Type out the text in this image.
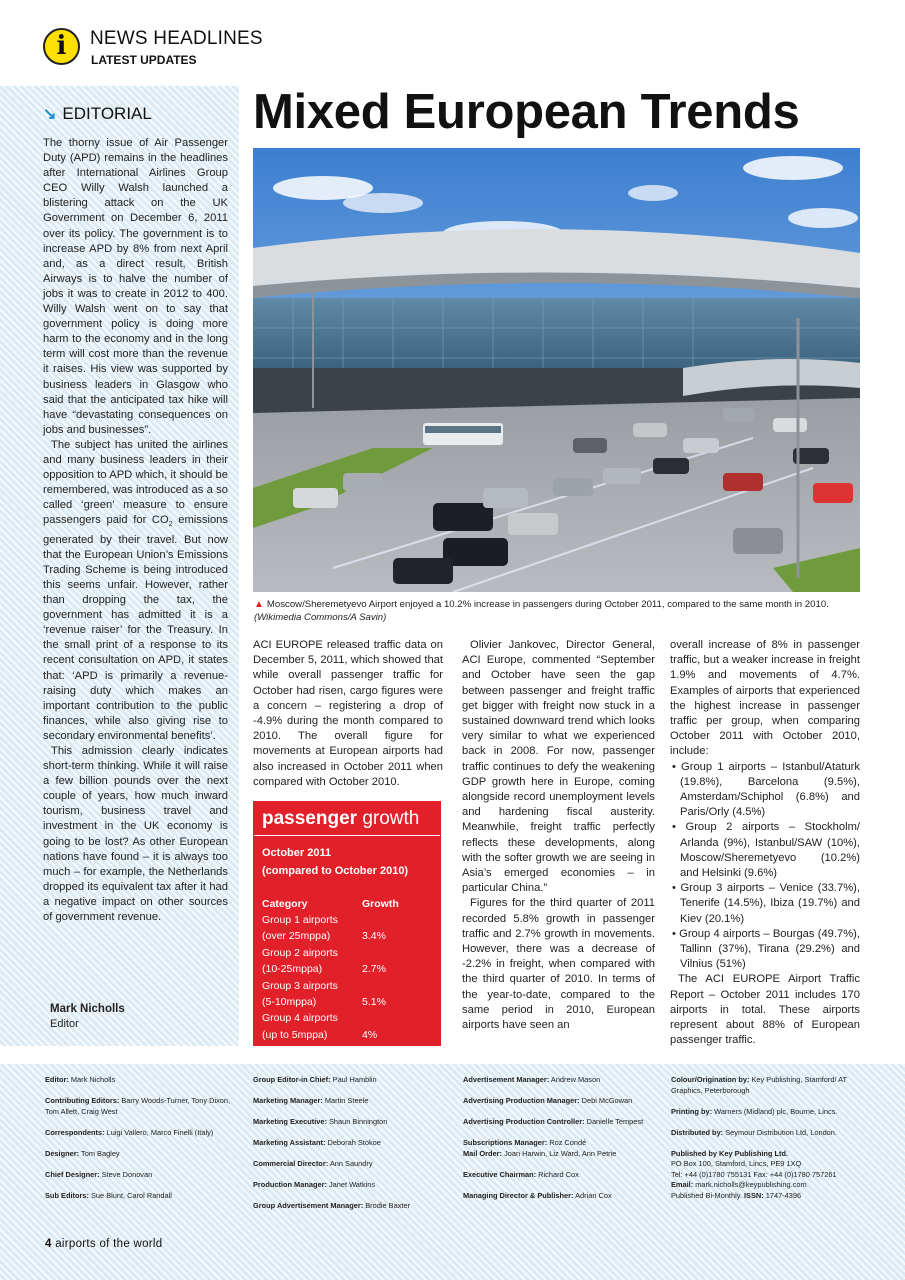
i	NEWS HEADLINES
LATEST UPDATES
↘ EDITORIAL

The thorny issue of Air Passenger Duty (APD) remains in the headlines after International Airlines Group CEO Willy Walsh launched a blistering attack on the UK Government on December 6, 2011 over its policy. The government is to increase APD by 8% from next April and, as a direct result, British Airways is to halve the number of jobs it was to create in 2012 to 400. Willy Walsh went on to say that government policy is doing more harm to the economy and in the long term will cost more than the revenue it raises. His view was supported by business leaders in Glasgow who said that the anticipated tax hike will have “devastating consequences on jobs and businesses”.

The subject has united the airlines and many business leaders in their opposition to APD which, it should be remembered, was introduced as a so called ‘green’ measure to ensure passengers paid for $CO_2$ emissions generated by their travel. But now that the European Union’s Emissions Trading Scheme is being introduced this seems unfair. However, rather than dropping the tax, the government has admitted it is a ‘revenue raiser’ for the Treasury. In the small print of a response to its recent consultation on APD, it states that: ‘APD is primarily a revenue-raising duty which makes an important contribution to the public finances, while also giving rise to secondary environmental benefits’.

This admission clearly indicates short-term thinking. While it will raise a few billion pounds over the next couple of years, how much inward tourism, business travel and investment in the UK economy is going to be lost? As other European nations have found – it is always too much – for example, the Netherlands dropped its equivalent tax after it had a negative impact on other sources of government revenue.

Mark Nicholls
Editor
Mixed European Trends
▲ Moscow/Sheremetyevo Airport enjoyed a 10.2% increase in passengers during October 2011, compared to the same month in 2010.
(Wikimedia Commons/A Savin)

ACI EUROPE released traffic data on December 5, 2011, which showed that while overall passenger traffic for October had risen, cargo figures were a concern – registering a drop of -4.9% during the month compared to 2010. The overall figure for movements at European airports had also increased in October 2011 when compared with October 2010.

passenger growth
October 2011
(compared to October 2010)
Category	Growth
Group 1 airports
(over 25mppa)	3.4%
Group 2 airports
(10-25mppa)	2.7%
Group 3 airports
(5-10mppa)	5.1%
Group 4 airports
(up to 5mppa)	4%

Olivier Jankovec, Director General, ACI Europe, commented “September and October have seen the gap between passenger and freight traffic get bigger with freight now stuck in a sustained downward trend which looks very similar to what we experienced back in 2008. For now, passenger traffic continues to defy the weakening GDP growth here in Europe, coming alongside record unemployment levels and hardening fiscal austerity. Meanwhile, freight traffic perfectly reflects these developments, along with the softer growth we are seeing in Asia’s emerged economies – in particular China.”

Figures for the third quarter of 2011 recorded 5.8% growth in passenger traffic and 2.7% growth in movements. However, there was a decrease of -2.2% in freight, when compared with the third quarter of 2010. In terms of the year-to-date, compared to the same period in 2010, European airports have seen an

overall increase of 8% in passenger traffic, but a weaker increase in freight 1.9% and movements of 4.7%. Examples of airports that experienced the highest increase in passenger traffic per group, when comparing October 2011 with October 2010, include:

• Group 1 airports – Istanbul/Ataturk (19.8%), Barcelona (9.5%), Amsterdam/Schiphol (6.8%) and Paris/Orly (4.5%)
• Group 2 airports – Stockholm/ Arlanda (9%), Istanbul/SAW (10%), Moscow/Sheremetyevo (10.2%) and Helsinki (9.6%)
• Group 3 airports – Venice (33.7%), Tenerife (14.5%), Ibiza (19.7%) and Kiev (20.1%)
• Group 4 airports – Bourgas (49.7%), Tallinn (37%), Tirana (29.2%) and Vilnius (51%)

The ACI EUROPE Airport Traffic Report – October 2011 includes 170 airports in total. These airports represent about 88% of European passenger traffic.

Editor: Mark Nicholls
Contributing Editors: Barry Woods-Turner, Tony Dixon, Tom Allett, Craig West
Correspondents: Luigi Vallero, Marco Finelli (Italy)
Designer: Tom Bagley
Chief Designer: Steve Donovan
Sub Editors: Sue Blunt, Carol Randall
Group Editor-in Chief: Paul Hamblin
Marketing Manager: Martin Steele
Marketing Executive: Shaun Binnington
Marketing Assistant: Deborah Stokoe
Commercial Director: Ann Saundry
Production Manager: Janet Watkins
Group Advertisement Manager: Brodie Baxter
Advertisement Manager: Andrew Mason
Advertising Production Manager: Debi McGowan
Advertising Production Controller: Danielle Tempest
Subscriptions Manager: Roz Condé
Mail Order: Joan Harwin, Liz Ward, Ann Petrie
Executive Chairman: Richard Cox
Managing Director & Publisher: Adrian Cox
Colour/Origination by: Key Publishing, Stamford/ AT Graphics, Peterborough
Printing by: Warners (Midland) plc, Bourne, Lincs.
Distributed by: Seymour Distribution Ltd, London.
Published by Key Publishing Ltd.
PO Box 100, Stamford, Lincs, PE9 1XQ
Tel: +44 (0)1780 755131 Fax: +44 (0)1780 757261
Email: mark.nicholls@keypublishing.com
Published Bi-Monthly. ISSN: 1747-4396
4 airports of the world
